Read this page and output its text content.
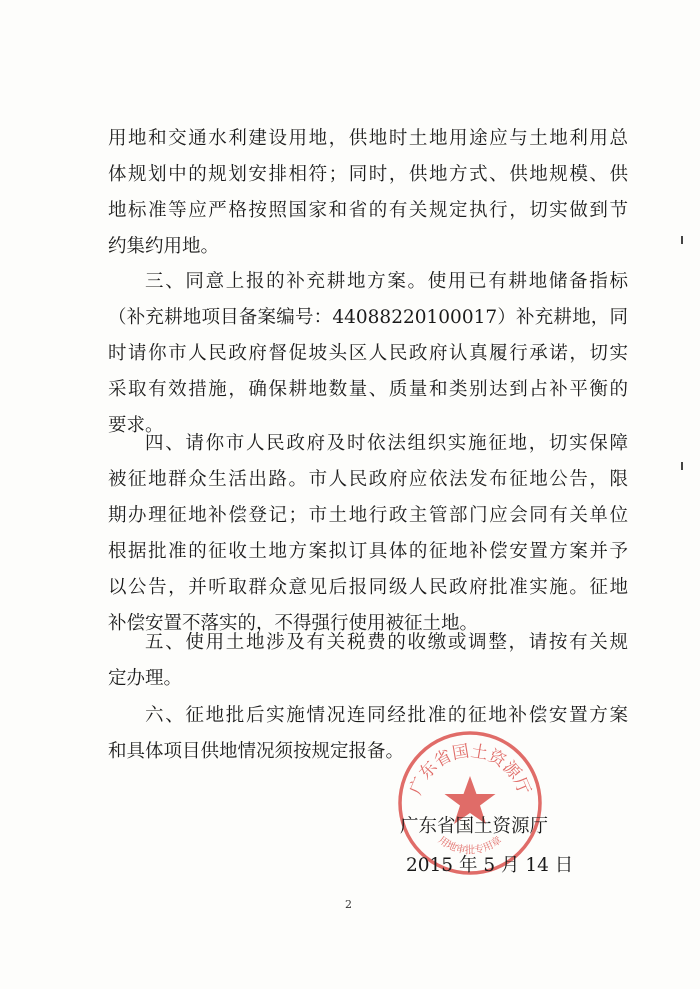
用地和交通水利建设用地，供地时土地用途应与土地利用总
体规划中的规划安排相符；同时，供地方式、供地规模、供
地标准等应严格按照国家和省的有关规定执行，切实做到节
约集约用地。
三、同意上报的补充耕地方案。使用已有耕地储备指标
（补充耕地项目备案编号：44088220100017）补充耕地，同
时请你市人民政府督促坡头区人民政府认真履行承诺，切实
采取有效措施，确保耕地数量、质量和类别达到占补平衡的
要求。
四、请你市人民政府及时依法组织实施征地，切实保障
被征地群众生活出路。市人民政府应依法发布征地公告，限
期办理征地补偿登记；市土地行政主管部门应会同有关单位
根据批准的征收土地方案拟订具体的征地补偿安置方案并予
以公告，并听取群众意见后报同级人民政府批准实施。征地
补偿安置不落实的，不得强行使用被征土地。
五、使用土地涉及有关税费的收缴或调整，请按有关规
定办理。
六、征地批后实施情况连同经批准的征地补偿安置方案
和具体项目供地情况须按规定报备。
广东省国土资源厅
用地审批专用章
广东省国土资源厅
2015 年 5 月 14 日
2
